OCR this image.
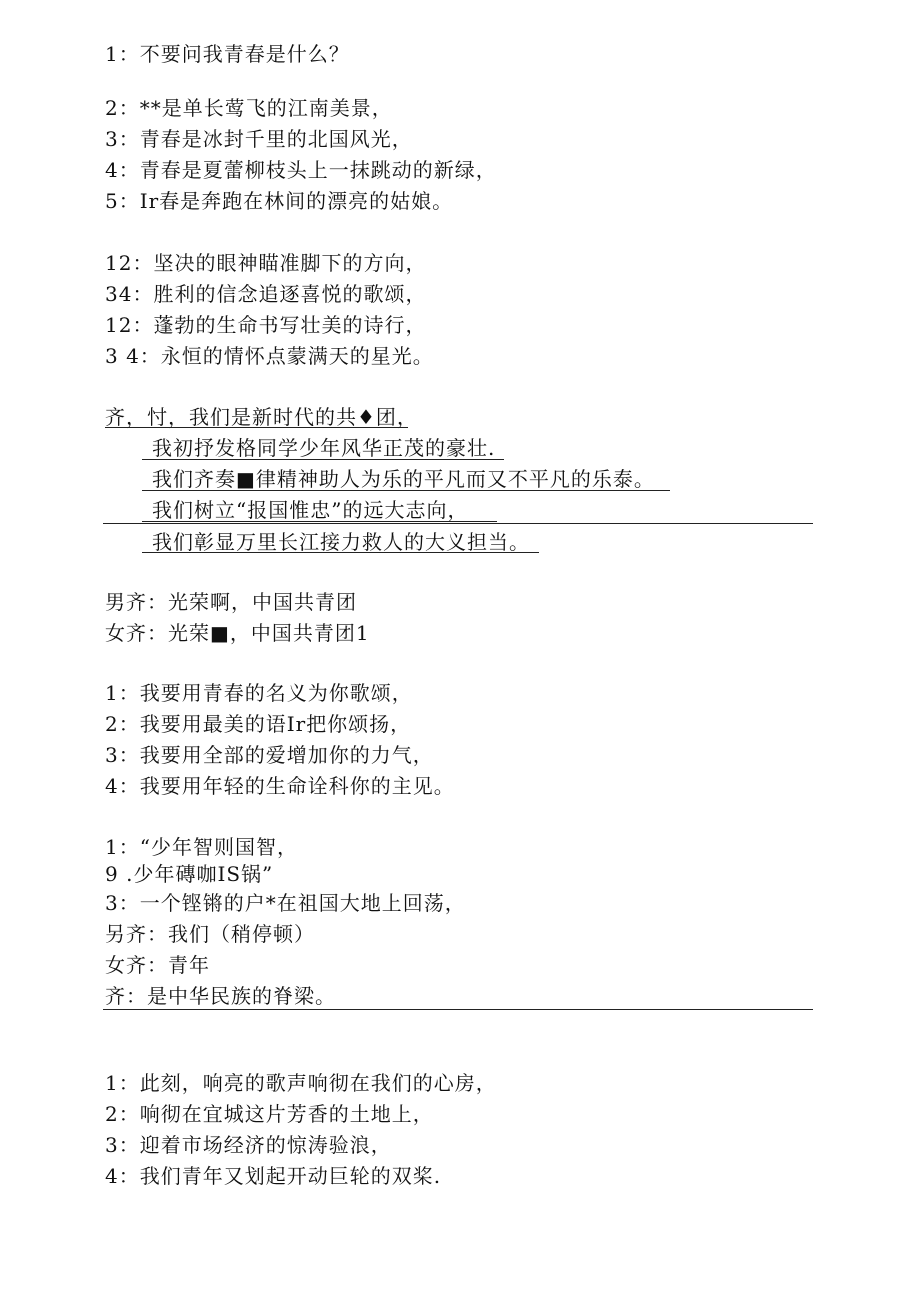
1：不要问我青春是什么？
2：**是单长莺飞的江南美景，
3：青春是冰封千里的北国风光，
4：青春是夏蕾柳枝头上一抹跳动的新绿，
5：Ir春是奔跑在林间的漂亮的姑娘。
12：坚决的眼神瞄准脚下的方向，
34：胜利的信念追逐喜悦的歌颂，
12：蓬勃的生命书写壮美的诗行，
3 4：永恒的情怀点蒙满天的星光。
齐，忖，我们是新时代的共♦团，
我初抒发格同学少年风华正茂的豪壮.
我们齐奏■律精神助人为乐的平凡而又不平凡的乐泰。
我们树立“报国惟忠”的远大志向，
我们彰显万里长江接力救人的大义担当。
男齐：光荣啊，中国共青团
女齐：光荣■，中国共青团1
1：我要用青春的名义为你歌颂，
2：我要用最美的语Ir把你颂扬，
3：我要用全部的爱增加你的力气，
4：我要用年轻的生命诠科你的主见。
1：“少年智则国智，
9 .少年磚咖IS锅”
3：一个铿锵的户*在祖国大地上回荡，
另齐：我们（稍停顿）
女齐：青年
齐：是中华民族的脊梁。
1：此刻，响亮的歌声响彻在我们的心房，
2：响彻在宜城这片芳香的土地上，
3：迎着市场经济的惊涛验浪，
4：我们青年又划起开动巨轮的双桨.
